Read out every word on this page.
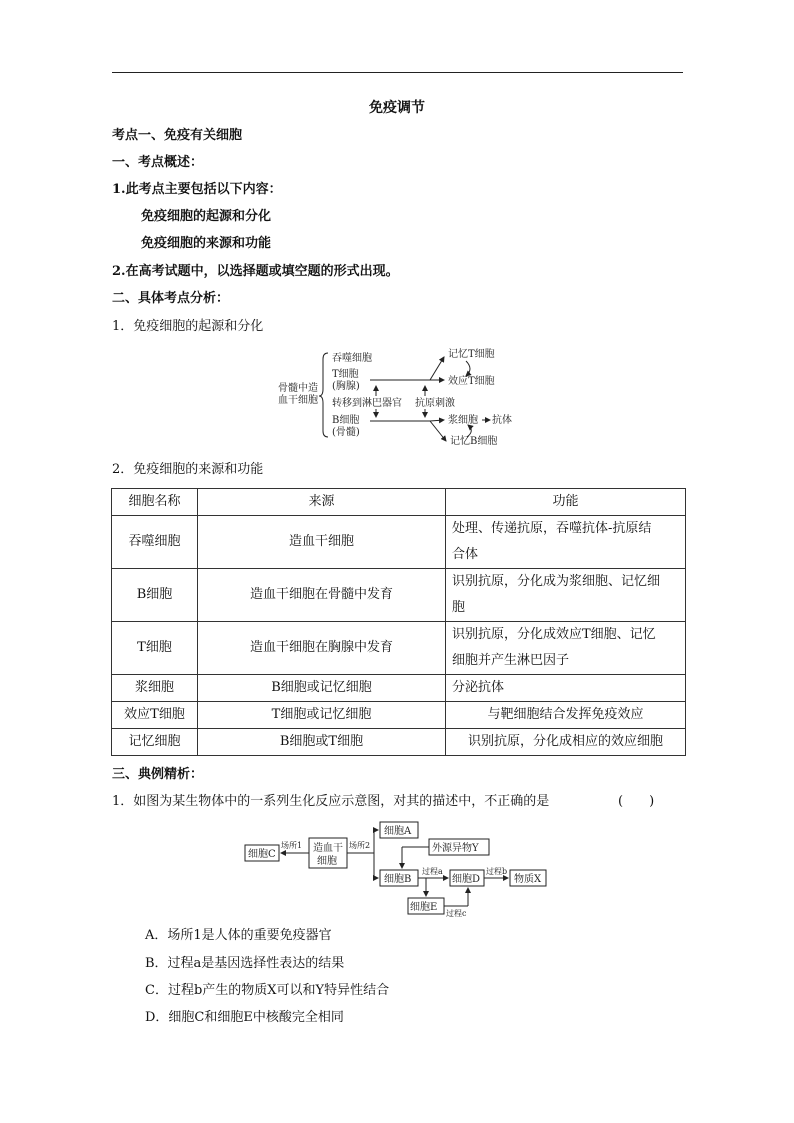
免疫调节
考点一、免疫有关细胞
一、考点概述：
1.此考点主要包括以下内容：
免疫细胞的起源和分化
免疫细胞的来源和功能
2.在高考试题中，以选择题或填空题的形式出现。
二、具体考点分析：
1．免疫细胞的起源和分化
骨髓中造
血干细胞
吞噬细胞
T细胞
(胸腺)
转移到淋巴器官 抗原刺激
B细胞
(骨髓)
记忆T细胞
效应T细胞
浆细胞 抗体
记忆B细胞
2．免疫细胞的来源和功能
细胞名称	来源	功能
吞噬细胞	造血干细胞	处理、传递抗原，吞噬抗体-抗原结
合体
B细胞	造血干细胞在骨髓中发育	识别抗原，分化成为浆细胞、记忆细
胞
T细胞	造血干细胞在胸腺中发育	识别抗原，分化成效应T细胞、记忆
细胞并产生淋巴因子
浆细胞	B细胞或记忆细胞	分泌抗体
效应T细胞	T细胞或记忆细胞	与靶细胞结合发挥免疫效应
记忆细胞	B细胞或T细胞	识别抗原，分化成相应的效应细胞
三、典例精析：
1．如图为某生物体中的一系列生化反应示意图，对其的描述中，不正确的是	(　　)
细胞C
场所1 造血干
细胞
场所2
细胞A
外源异物Y
细胞B
过程a
细胞D
过程b
物质X
细胞E
过程c
A．场所1是人体的重要免疫器官
B．过程a是基因选择性表达的结果
C．过程b产生的物质X可以和Y特异性结合
D．细胞C和细胞E中核酸完全相同
